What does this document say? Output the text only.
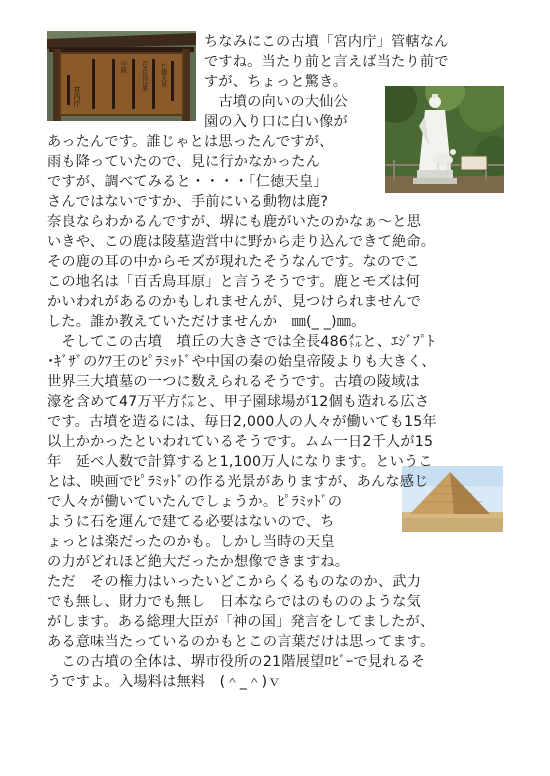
宮内庁
百舌鳥耳原 仁徳天皇
中陵
ちなみにこの古墳「宮内庁」管轄なん
ですね。当たり前と言えば当たり前で
すが、ちょっと驚き。
　古墳の向いの大仙公
園の入り口に白い像が
あったんです。誰じゃとは思ったんですが、
雨も降っていたので、見に行かなかったん
ですが、調べてみると・・・・「仁徳天皇」
さんではないですか、手前にいる動物は鹿?
奈良ならわかるんですが、堺にも鹿がいたのかなぁ～と思
いきや、この鹿は陵墓造営中に野から走り込んできて絶命。
その鹿の耳の中からモズが現れたそうなんです。なのでこ
この地名は「百舌鳥耳原」と言うそうです。鹿とモズは何
かいわれがあるのかもしれませんが、見つけられませんで
した。誰か教えていただけませんか　㎜(_ _)㎜。
　そしてこの古墳　墳丘の大きさでは全長486㍍と、ｴｼﾞﾌﾟﾄ
･ｷﾞｻﾞのｸﾌ王のﾋﾟﾗﾐｯﾄﾞや中国の秦の始皇帝陵よりも大きく、
世界三大墳墓の一つに数えられるそうです。古墳の陵域は
濠を含めて47万平方㍍と、甲子園球場が12個も造れる広さ
です。古墳を造るには、毎日2,000人の人々が働いても15年
以上かかったといわれているそうです。ムム一日2千人が15
年　延べ人数で計算すると1,100万人になります。というこ
とは、映画でﾋﾟﾗﾐｯﾄﾞの作る光景がありますが、あんな感じ
で人々が働いていたんでしょうか。ﾋﾟﾗﾐｯﾄﾞの
ように石を運んで建てる必要はないので、ち
ょっとは楽だったのかも。しかし当時の天皇
の力がどれほど絶大だったか想像できますね。
ただ　その権力はいったいどこからくるものなのか、武力
でも無し、財力でも無し　日本ならではのもののような気
がします。ある総理大臣が「神の国」発言をしてましたが、
ある意味当たっているのかもとこの言葉だけは思ってます。
　この古墳の全体は、堺市役所の21階展望ﾛﾋﾞｰで見れるそ
うですよ。入場料は無料　(＾_＾)ｖ
